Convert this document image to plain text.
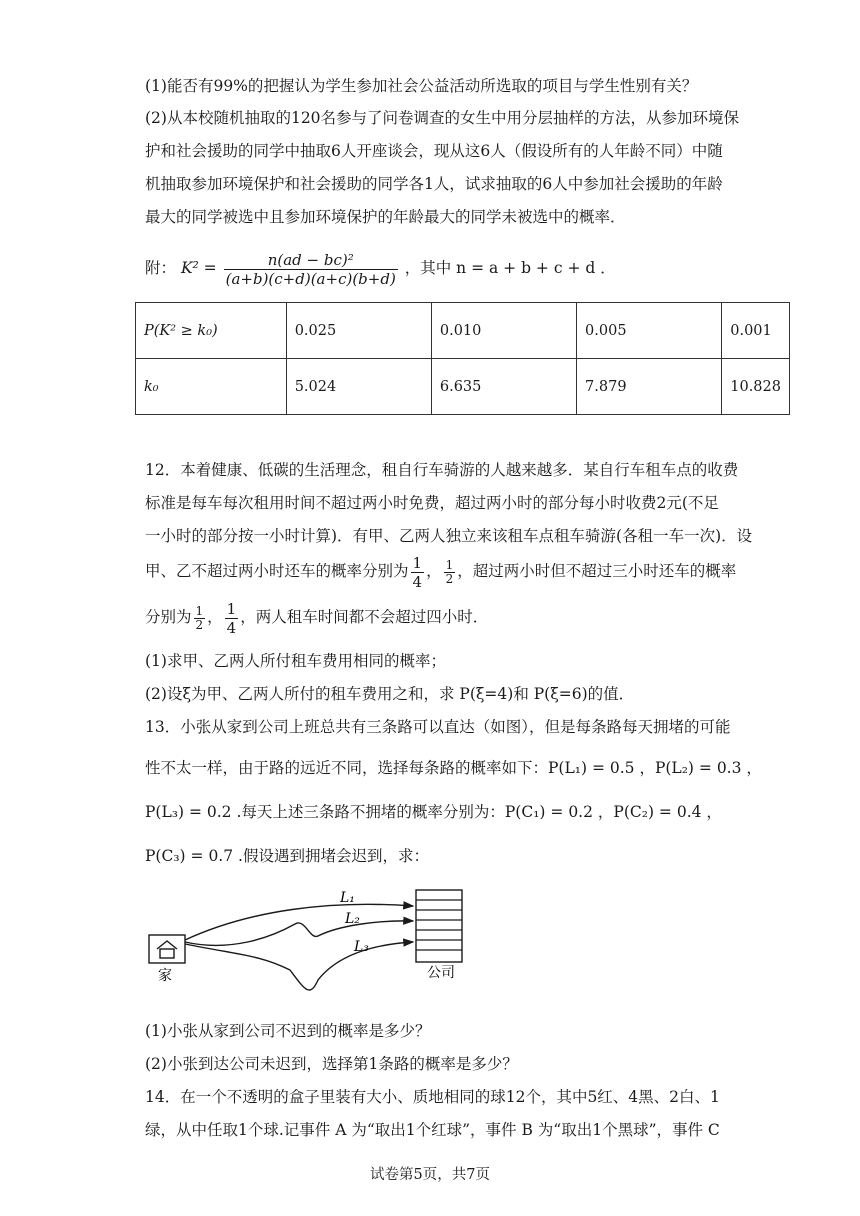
(1)能否有99%的把握认为学生参加社会公益活动所选取的项目与学生性别有关？
(2)从本校随机抽取的120名参与了问卷调查的女生中用分层抽样的方法，从参加环境保
护和社会援助的同学中抽取6人开座谈会，现从这6人（假设所有的人年龄不同）中随
机抽取参加环境保护和社会援助的同学各1人，试求抽取的6人中参加社会援助的年龄
最大的同学被选中且参加环境保护的年龄最大的同学未被选中的概率．
附： $K^2 = \frac{\text{n(ad − bc)²}}{(a+b)(c+d)(a+c)(b+d)}$ ，其中 n = a + b + c + d ．
P(K² ≥ k₀)	0.025	0.010	0.005	0.001
k₀	5.024	6.635	7.879	10.828
12．本着健康、低碳的生活理念，租自行车骑游的人越来越多．某自行车租车点的收费
标准是每车每次租用时间不超过两小时免费，超过两小时的部分每小时收费2元(不足
一小时的部分按一小时计算)．有甲、乙两人独立来该租车点租车骑游(各租一车一次)．设
甲、乙不超过两小时还车的概率分别为 $\frac{1}{4}$ ， $\frac{1}{2}$ ，超过两小时但不超过三小时还车的概率
分别为 $\frac{1}{2}$ ， $\frac{1}{4}$ ，两人租车时间都不会超过四小时．
(1)求甲、乙两人所付租车费用相同的概率；
(2)设ξ为甲、乙两人所付的租车费用之和，求 P(ξ=4)和 P(ξ=6)的值．
13．小张从家到公司上班总共有三条路可以直达（如图），但是每条路每天拥堵的可能
性不太一样，由于路的远近不同，选择每条路的概率如下：P(L₁) = 0.5 ，P(L₂) = 0.3 ，
P(L₃) = 0.2 .每天上述三条路不拥堵的概率分别为：P(C₁) = 0.2 ，P(C₂) = 0.4 ，
P(C₃) = 0.7 .假设遇到拥堵会迟到，求：
家	公司
L₁
L₂
L₃
(1)小张从家到公司不迟到的概率是多少？
(2)小张到达公司未迟到，选择第1条路的概率是多少？
14．在一个不透明的盒子里装有大小、质地相同的球12个，其中5红、4黑、2白、1
绿，从中任取1个球.记事件 A 为“取出1个红球”，事件 B 为“取出1个黑球”，事件 C
试卷第5页，共7页
